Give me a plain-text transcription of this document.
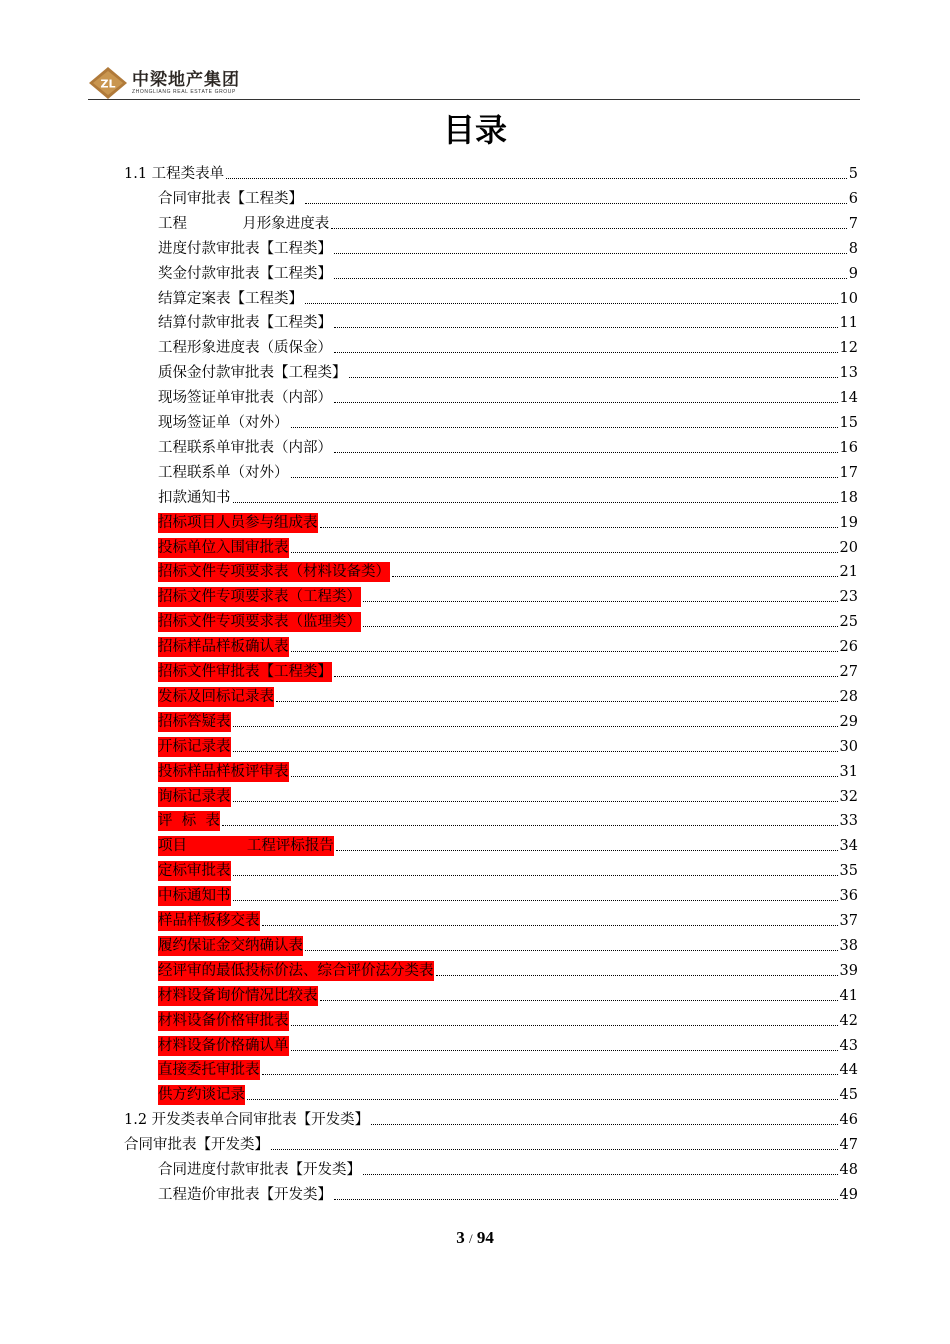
ZL 中梁地产集团
ZHONGLIANG REAL ESTATE GROUP
目录
1.1 工程类表单	5
合同审批表【工程类】	6
工程            月形象进度表	7
进度付款审批表【工程类】	8
奖金付款审批表【工程类】	9
结算定案表【工程类】	10
结算付款审批表【工程类】	11
工程形象进度表（质保金）	12
质保金付款审批表【工程类】	13
现场签证单审批表（内部）	14
现场签证单（对外）	15
工程联系单审批表（内部）	16
工程联系单（对外）	17
扣款通知书	18
招标项目人员参与组成表	19
投标单位入围审批表	20
招标文件专项要求表（材料设备类）	21
招标文件专项要求表（工程类）	23
招标文件专项要求表（监理类）	25
招标样品样板确认表	26
招标文件审批表【工程类】	27
发标及回标记录表	28
招标答疑表	29
开标记录表	30
投标样品样板评审表	31
询标记录表	32
评  标  表	33
项目             工程评标报告	34
定标审批表	35
中标通知书	36
样品样板移交表	37
履约保证金交纳确认表	38
经评审的最低投标价法、综合评价法分类表	39
材料设备询价情况比较表	41
材料设备价格审批表	42
材料设备价格确认单	43
直接委托审批表	44
供方约谈记录	45
1.2 开发类表单合同审批表【开发类】	46
合同审批表【开发类】	47
合同进度付款审批表【开发类】	48
工程造价审批表【开发类】	49
3 / 94
